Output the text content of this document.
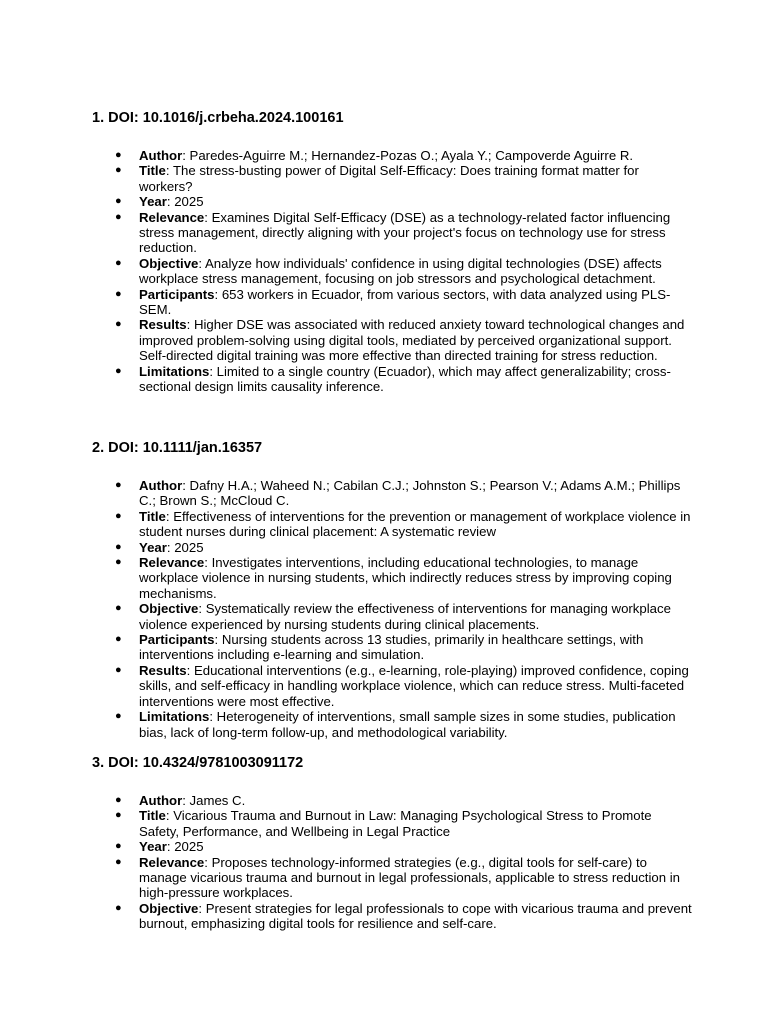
1. DOI: 10.1016/j.crbeha.2024.100161
● Author: Paredes-Aguirre M.; Hernandez-Pozas O.; Ayala Y.; Campoverde Aguirre R.
● Title: The stress-busting power of Digital Self-Efficacy: Does training format matter for workers?
● Year: 2025
● Relevance: Examines Digital Self-Efficacy (DSE) as a technology-related factor influencing stress management, directly aligning with your project's focus on technology use for stress reduction.
● Objective: Analyze how individuals' confidence in using digital technologies (DSE) affects workplace stress management, focusing on job stressors and psychological detachment.
● Participants: 653 workers in Ecuador, from various sectors, with data analyzed using PLS-SEM.
● Results: Higher DSE was associated with reduced anxiety toward technological changes and improved problem-solving using digital tools, mediated by perceived organizational support. Self-directed digital training was more effective than directed training for stress reduction.
● Limitations: Limited to a single country (Ecuador), which may affect generalizability; cross-sectional design limits causality inference.
2. DOI: 10.1111/jan.16357
● Author: Dafny H.A.; Waheed N.; Cabilan C.J.; Johnston S.; Pearson V.; Adams A.M.; Phillips C.; Brown S.; McCloud C.
● Title: Effectiveness of interventions for the prevention or management of workplace violence in student nurses during clinical placement: A systematic review
● Year: 2025
● Relevance: Investigates interventions, including educational technologies, to manage workplace violence in nursing students, which indirectly reduces stress by improving coping mechanisms.
● Objective: Systematically review the effectiveness of interventions for managing workplace violence experienced by nursing students during clinical placements.
● Participants: Nursing students across 13 studies, primarily in healthcare settings, with interventions including e-learning and simulation.
● Results: Educational interventions (e.g., e-learning, role-playing) improved confidence, coping skills, and self-efficacy in handling workplace violence, which can reduce stress. Multi-faceted interventions were most effective.
● Limitations: Heterogeneity of interventions, small sample sizes in some studies, publication bias, lack of long-term follow-up, and methodological variability.
3. DOI: 10.4324/9781003091172
● Author: James C.
● Title: Vicarious Trauma and Burnout in Law: Managing Psychological Stress to Promote Safety, Performance, and Wellbeing in Legal Practice
● Year: 2025
● Relevance: Proposes technology-informed strategies (e.g., digital tools for self-care) to manage vicarious trauma and burnout in legal professionals, applicable to stress reduction in high-pressure workplaces.
● Objective: Present strategies for legal professionals to cope with vicarious trauma and prevent burnout, emphasizing digital tools for resilience and self-care.
